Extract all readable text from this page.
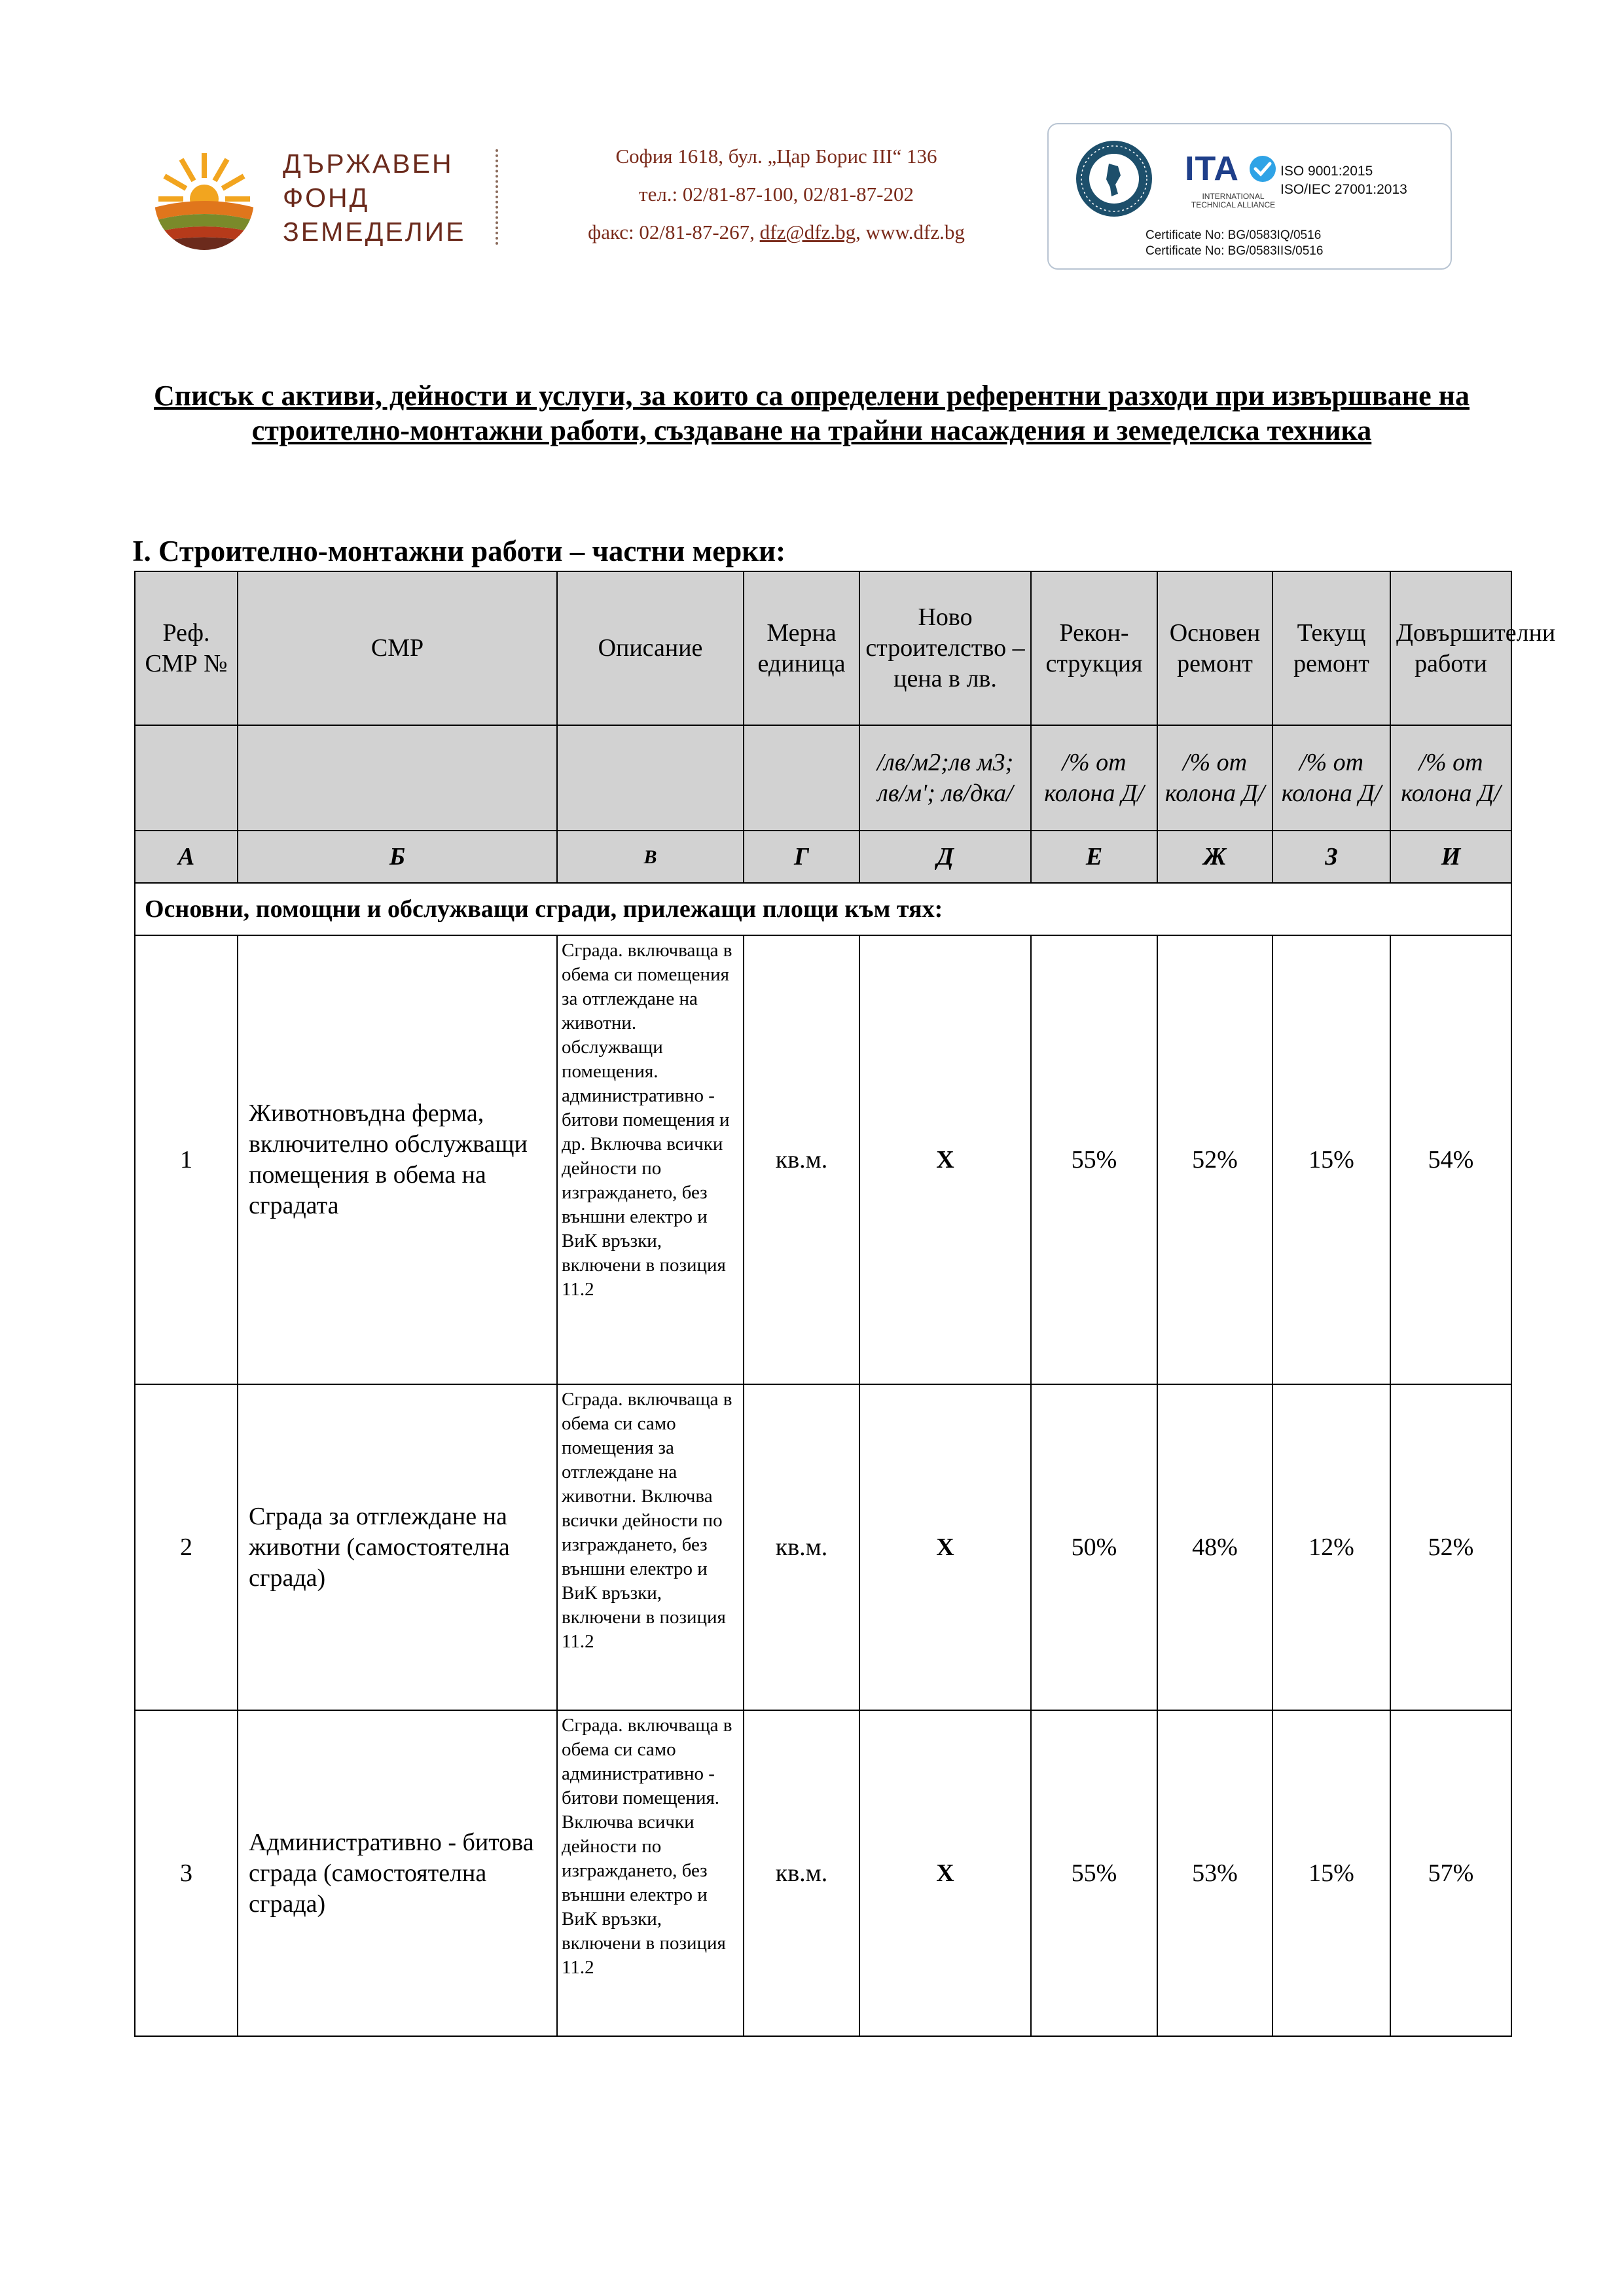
ДЪРЖАВЕН
ФОНД
ЗЕМЕДЕЛИЕ
София 1618, бул. „Цар Борис III“ 136
тел.: 02/81-87-100, 02/81-87-202
факс: 02/81-87-267, dfz@dfz.bg, www.dfz.bg
ITA
INTERNATIONAL TECHNICAL ALLIANCE
ISO 9001:2015
ISO/IEC 27001:2013
Certificate No: BG/0583IQ/0516
Certificate No: BG/0583IIS/0516
Списък с активи, дейности и услуги, за които са определени референтни разходи при извършване на строително-монтажни работи, създаване на трайни насаждения и земеделска техника
I. Строително-монтажни работи – частни мерки:
Реф. СМР №	СМР	Описание	Мерна единица	Ново строителство – цена в лв.	Рекон-струкция	Основен ремонт	Текущ ремонт	Довършителни работи
				/лв/м2;лв м3; лв/м'; лв/дка/	/% от колона Д/	/% от колона Д/	/% от колона Д/	/% от колона Д/
А	Б	В	Г	Д	Е	Ж	З	И
Основни, помощни и обслужващи сгради, прилежащи площи към тях:								
1	Животновъдна ферма, включително обслужващи помещения в обема на сградата	Сграда. включваща в обема си помещения за отглеждане на животни. обслужващи помещения. административно - битови помещения и др. Включва всички дейности по изграждането, без външни електро и ВиК връзки, включени в позиция 11.2	кв.м.	X	55%	52%	15%	54%
2	Сграда за отглеждане на животни (самостоятелна сграда)	Сграда. включваща в обема си само помещения за отглеждане на животни. Включва всички дейности по изграждането, без външни електро и ВиК връзки, включени в позиция 11.2	кв.м.	X	50%	48%	12%	52%
3	Административно - битова сграда (самостоятелна сграда)	Сграда. включваща в обема си само административно - битови помещения. Включва всички дейности по изграждането, без външни електро и ВиК връзки, включени в позиция 11.2	кв.м.	X	55%	53%	15%	57%
